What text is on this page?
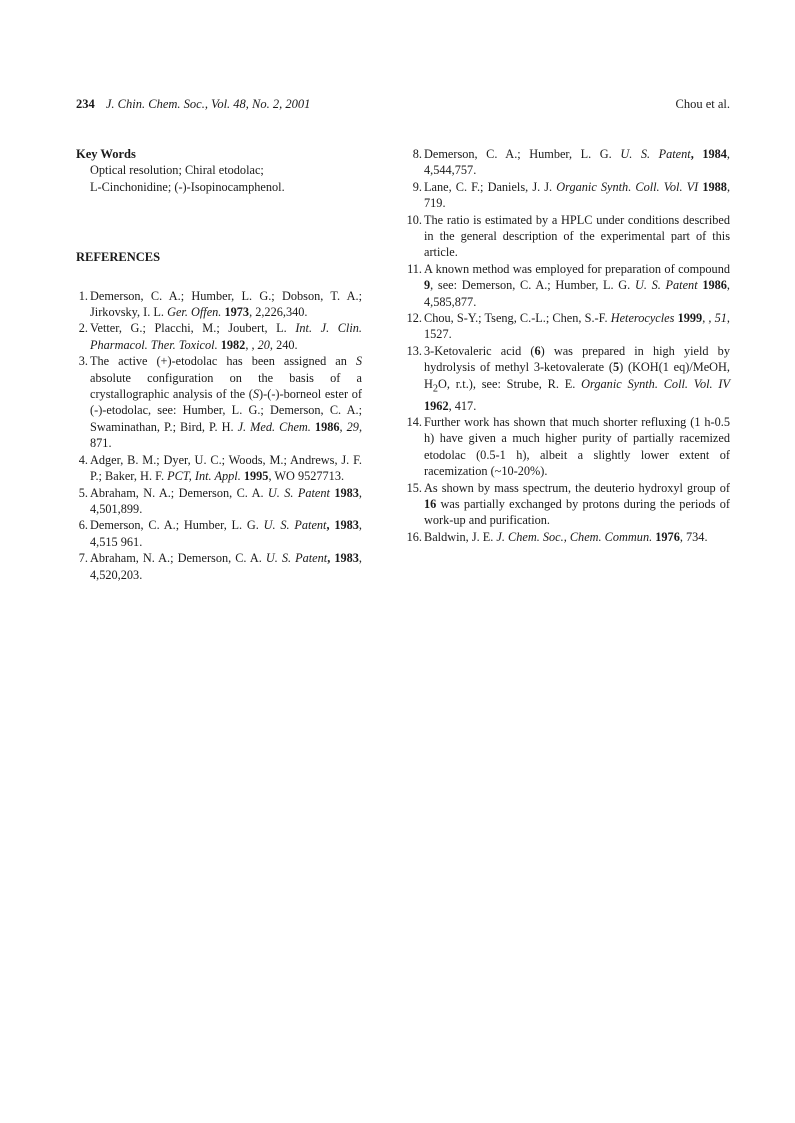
234 J. Chin. Chem. Soc., Vol. 48, No. 2, 2001	Chou et al.
Key Words
Optical resolution; Chiral etodolac;
L-Cinchonidine; (-)-Isopinocamphenol.
REFERENCES
1. Demerson, C. A.; Humber, L. G.; Dobson, T. A.; Jirkovsky, I. L. Ger. Offen. 1973, 2,226,340.
2. Vetter, G.; Placchi, M.; Joubert, L. Int. J. Clin. Pharmacol. Ther. Toxicol. 1982, , 20, 240.
3. The active (+)-etodolac has been assigned an S absolute configuration on the basis of a crystallographic analysis of the (S)-(-)-borneol ester of (-)-etodolac, see: Humber, L. G.; Demerson, C. A.; Swaminathan, P.; Bird, P. H. J. Med. Chem. 1986, 29, 871.
4. Adger, B. M.; Dyer, U. C.; Woods, M.; Andrews, J. F. P.; Baker, H. F. PCT, Int. Appl. 1995, WO 9527713.
5. Abraham, N. A.; Demerson, C. A. U. S. Patent 1983, 4,501,899.
6. Demerson, C. A.; Humber, L. G. U. S. Patent, 1983, 4,515 961.
7. Abraham, N. A.; Demerson, C. A. U. S. Patent, 1983, 4,520,203.
8. Demerson, C. A.; Humber, L. G. U. S. Patent, 1984, 4,544,757.
9. Lane, C. F.; Daniels, J. J. Organic Synth. Coll. Vol. VI 1988, 719.
10. The ratio is estimated by a HPLC under conditions described in the general description of the experimental part of this article.
11. A known method was employed for preparation of compound 9, see: Demerson, C. A.; Humber, L. G. U. S. Patent 1986, 4,585,877.
12. Chou, S-Y.; Tseng, C.-L.; Chen, S.-F. Heterocycles 1999, , 51, 1527.
13. 3-Ketovaleric acid (6) was prepared in high yield by hydrolysis of methyl 3-ketovalerate (5) (KOH(1 eq)/MeOH, $H_2O$, r.t.), see: Strube, R. E. Organic Synth. Coll. Vol. IV 1962, 417.
14. Further work has shown that much shorter refluxing (1 h-0.5 h) have given a much higher purity of partially racemized etodolac (0.5-1 h), albeit a slightly lower extent of racemization (~10-20%).
15. As shown by mass spectrum, the deuterio hydroxyl group of 16 was partially exchanged by protons during the periods of work-up and purification.
16. Baldwin, J. E. J. Chem. Soc., Chem. Commun. 1976, 734.
